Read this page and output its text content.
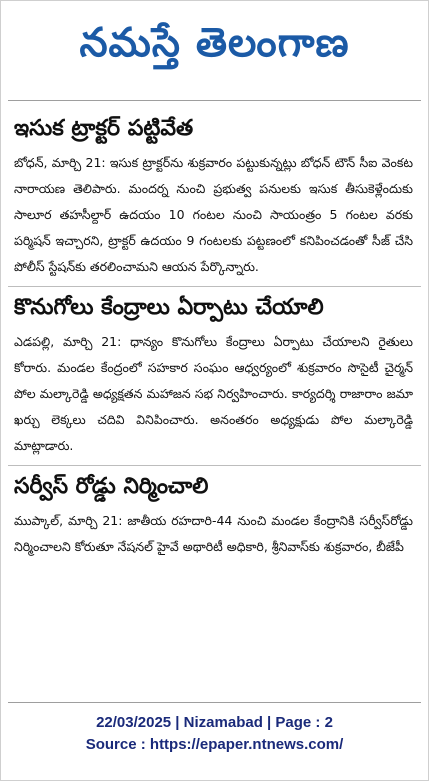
నమస్తే తెలంగాణ
ఇసుక ట్రాక్టర్ పట్టివేత
బోధన్, మార్చి 21: ఇసుక ట్రాక్టర్‌ను శుక్రవారం పట్టుకున్నట్లు బోధన్ టౌన్ సీఐ వెంకట నారాయణ తెలిపారు. మందర్న నుంచి ప్రభుత్వ పనులకు ఇసుక తీసుకెళ్లేందుకు సాలూర తహసీల్దార్ ఉదయం 10 గంటల నుంచి సాయంత్రం 5 గంటల వరకు పర్మిషన్ ఇచ్చారని, ట్రాక్టర్ ఉదయం 9 గంటలకు పట్టణంలో కనిపించడంతో సీజ్ చేసి పోలీస్ స్టేషన్‌కు తరలించామని ఆయన పేర్కొన్నారు.
కొనుగోలు కేంద్రాలు ఏర్పాటు చేయాలి
ఎడపల్లి, మార్చి 21: ధాన్యం కొనుగోలు కేంద్రాలు ఏర్పాటు చేయాలని రైతులు కోరారు. మండల కేంద్రంలో సహకార సంఘం ఆధ్వర్యంలో శుక్రవారం సొసైటీ చైర్మన్ పోల మల్కారెడ్డి అధ్యక్షతన మహాజన సభ నిర్వహించారు. కార్యదర్శి రాజారాం జమా ఖర్చు లెక్కలు చదివి వినిపించారు. అనంతరం అధ్యక్షుడు పోల మల్కారెడ్డి మాట్లాడారు.
సర్వీస్ రోడ్డు నిర్మించాలి
ముప్కాల్, మార్చి 21: జాతీయ రహదారి-44 నుంచి మండల కేంద్రానికి సర్వీస్‌రోడ్డు నిర్మించాలని కోరుతూ నేషనల్ హైవే అథారిటీ అధికారి, శ్రీనివాస్‌కు శుక్రవారం, బీజేపీ
22/03/2025 | Nizamabad | Page : 2
Source : https://epaper.ntnews.com/
